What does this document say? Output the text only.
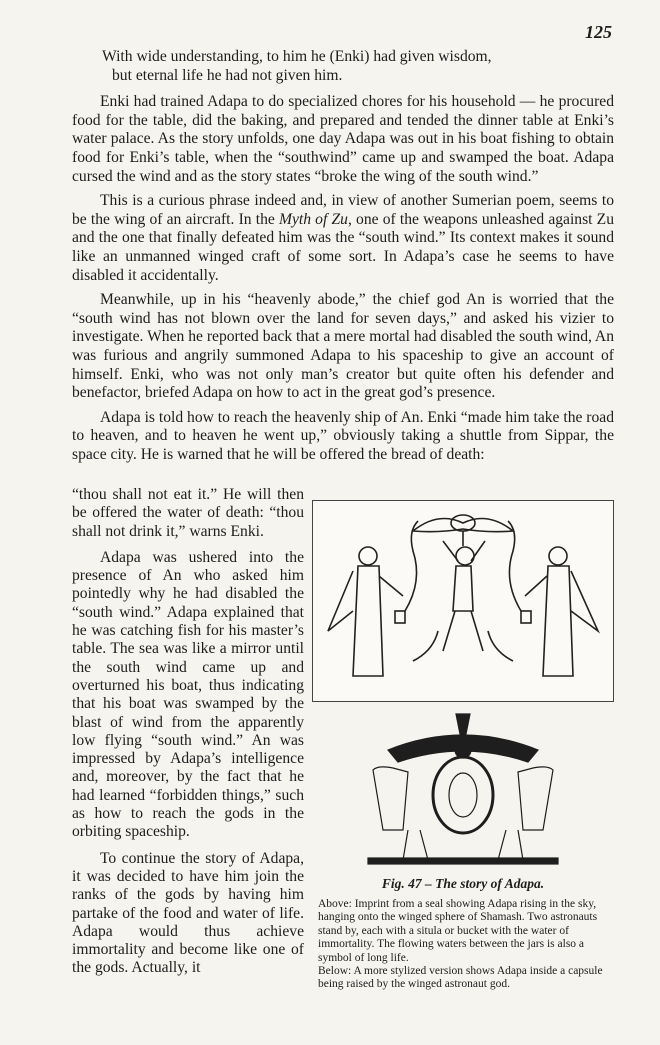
125
With wide understanding, to him he (Enki) had given wisdom,
but eternal life he had not given him.

Enki had trained Adapa to do specialized chores for his household — he procured food for the table, did the baking, and prepared and tended the dinner table at Enki’s water palace. As the story unfolds, one day Adapa was out in his boat fishing to obtain food for Enki’s table, when the “southwind” came up and swamped the boat. Adapa cursed the wind and as the story states “broke the wing of the south wind.”

This is a curious phrase indeed and, in view of another Sumerian poem, seems to be the wing of an aircraft. In the Myth of Zu, one of the weapons unleashed against Zu and the one that finally defeated him was the “south wind.” Its context makes it sound like an unmanned winged craft of some sort. In Adapa’s case he seems to have disabled it accidentally.

Meanwhile, up in his “heavenly abode,” the chief god An is worried that the “south wind has not blown over the land for seven days,” and asked his vizier to investigate. When he reported back that a mere mortal had disabled the south wind, An was furious and angrily summoned Adapa to his spaceship to give an account of himself. Enki, who was not only man’s creator but quite often his defender and benefactor, briefed Adapa on how to act in the great god’s presence.

Adapa is told how to reach the heavenly ship of An. Enki “made him take the road to heaven, and to heaven he went up,” obviously taking a shuttle from Sippar, the space city. He is warned that he will be offered the bread of death:

“thou shall not eat it.” He will then be offered the water of death: “thou shall not drink it,” warns Enki.

Adapa was ushered into the presence of An who asked him pointedly why he had disabled the “south wind.” Adapa explained that he was catching fish for his master’s table. The sea was like a mirror until the south wind came up and overturned his boat, thus indicating that his boat was swamped by the blast of wind from the apparently low flying “south wind.” An was impressed by Adapa’s intelligence and, moreover, by the fact that he had learned “forbidden things,” such as how to reach the gods in the orbiting spaceship.

To continue the story of Adapa, it was decided to have him join the ranks of the gods by having him partake of the food and water of life. Adapa would thus achieve immortality and become like one of the gods. Actually, it

Fig. 47 – The story of Adapa.
Above: Imprint from a seal showing Adapa rising in the sky, hanging onto the winged sphere of Shamash. Two astronauts stand by, each with a situla or bucket with the water of immortality. The flowing waters between the jars is also a symbol of long life.
Below: A more stylized version shows Adapa inside a capsule being raised by the winged astronaut god.
